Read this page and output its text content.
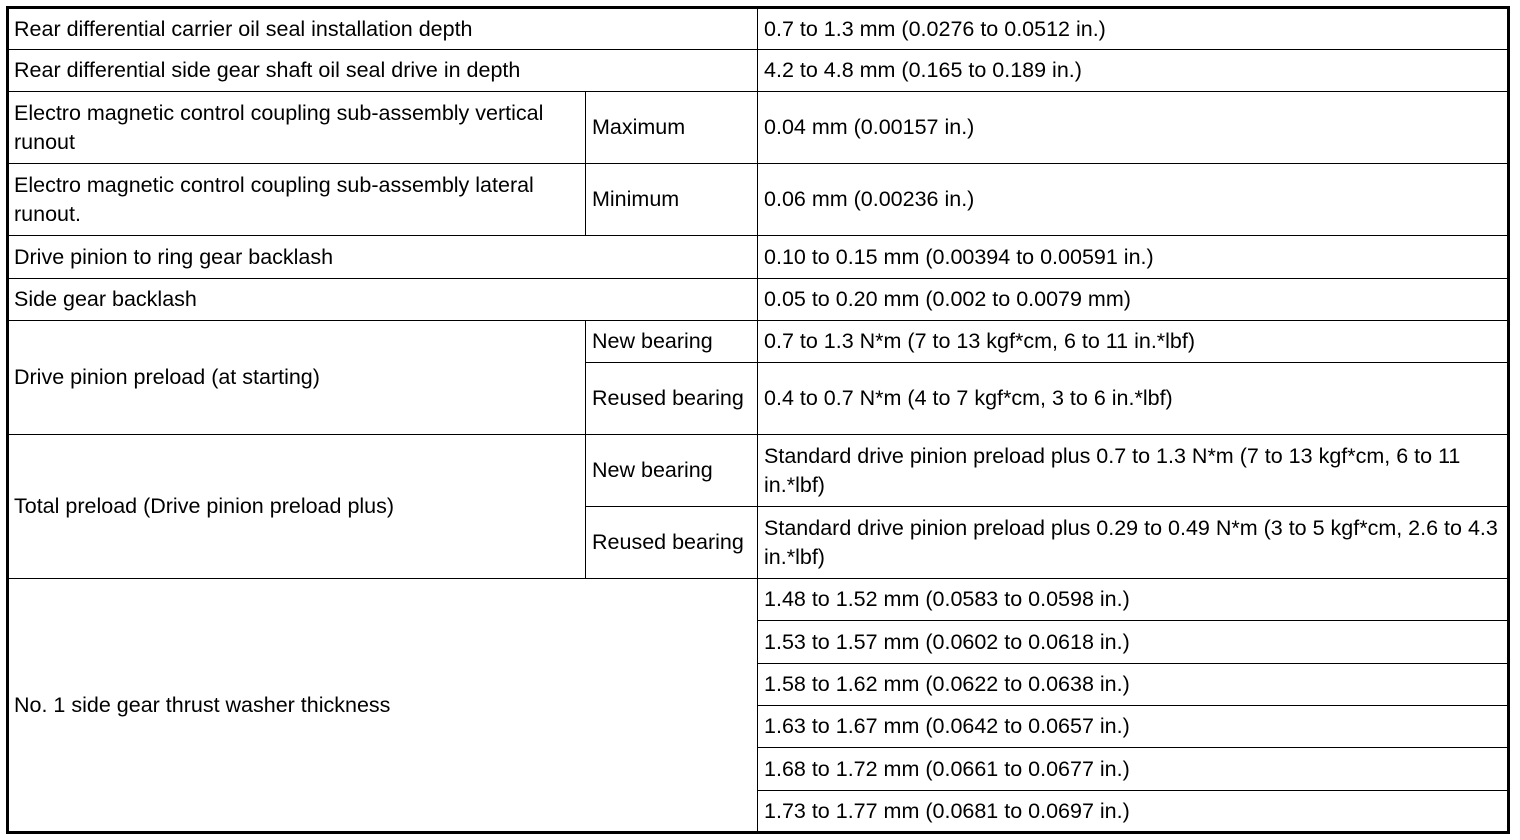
Rear differential carrier oil seal installation depth		0.7 to 1.3 mm (0.0276 to 0.0512 in.)
Rear differential side gear shaft oil seal drive in depth		4.2 to 4.8 mm (0.165 to 0.189 in.)
Electro magnetic control coupling sub-assembly vertical runout	Maximum	0.04 mm (0.00157 in.)
Electro magnetic control coupling sub-assembly lateral runout.	Minimum	0.06 mm (0.00236 in.)
Drive pinion to ring gear backlash		0.10 to 0.15 mm (0.00394 to 0.00591 in.)
Side gear backlash		0.05 to 0.20 mm (0.002 to 0.0079 mm)
Drive pinion preload (at starting)	New bearing	0.7 to 1.3 N*m (7 to 13 kgf*cm, 6 to 11 in.*lbf)
	Reused bearing	0.4 to 0.7 N*m (4 to 7 kgf*cm, 3 to 6 in.*lbf)
Total preload (Drive pinion preload plus)	New bearing	Standard drive pinion preload plus 0.7 to 1.3 N*m (7 to 13 kgf*cm, 6 to 11 in.*lbf)
	Reused bearing	Standard drive pinion preload plus 0.29 to 0.49 N*m (3 to 5 kgf*cm, 2.6 to 4.3 in.*lbf)
No. 1 side gear thrust washer thickness		1.48 to 1.52 mm (0.0583 to 0.0598 in.)
		1.53 to 1.57 mm (0.0602 to 0.0618 in.)
		1.58 to 1.62 mm (0.0622 to 0.0638 in.)
		1.63 to 1.67 mm (0.0642 to 0.0657 in.)
		1.68 to 1.72 mm (0.0661 to 0.0677 in.)
		1.73 to 1.77 mm (0.0681 to 0.0697 in.)
